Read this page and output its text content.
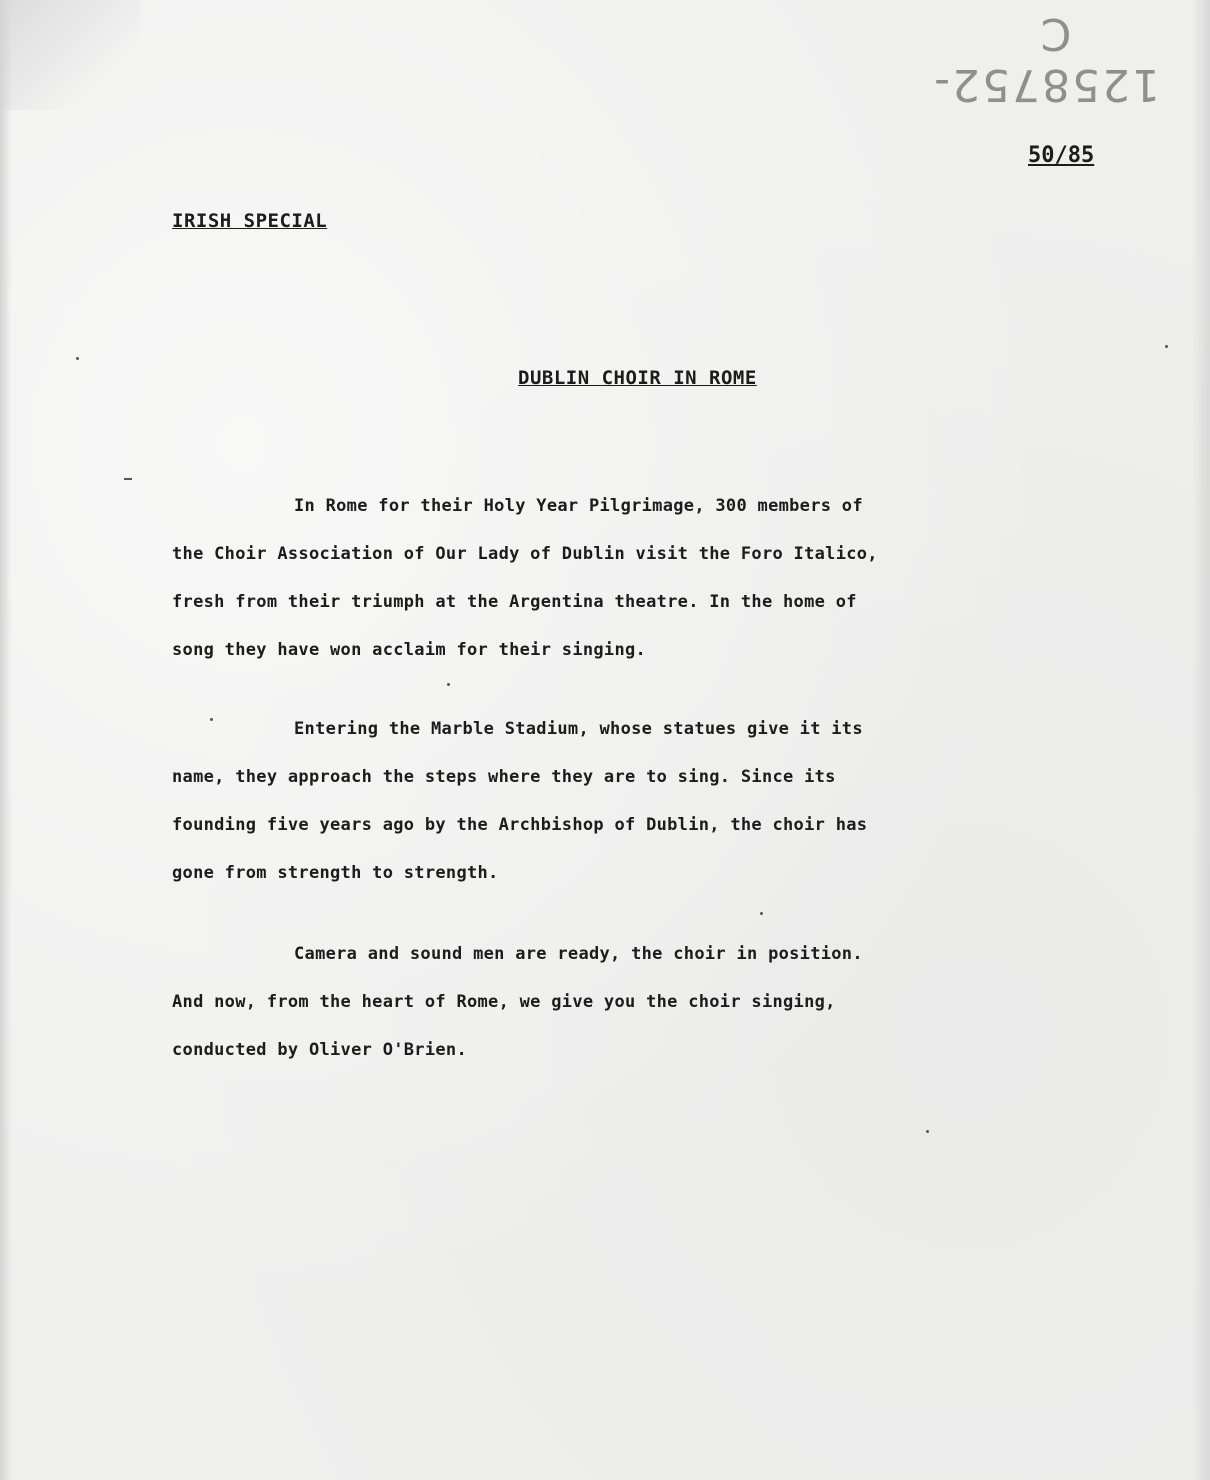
1258752-C
50/85
IRISH SPECIAL
DUBLIN CHOIR IN ROME
In Rome for their Holy Year Pilgrimage, 300 members of
the Choir Association of Our Lady of Dublin visit the Foro Italico,
fresh from their triumph at the Argentina theatre. In the home of
song they have won acclaim for their singing.
Entering the Marble Stadium, whose statues give it its
name, they approach the steps where they are to sing. Since its
founding five years ago by the Archbishop of Dublin, the choir has
gone from strength to strength.
Camera and sound men are ready, the choir in position.
And now, from the heart of Rome, we give you the choir singing,
conducted by Oliver O'Brien.
